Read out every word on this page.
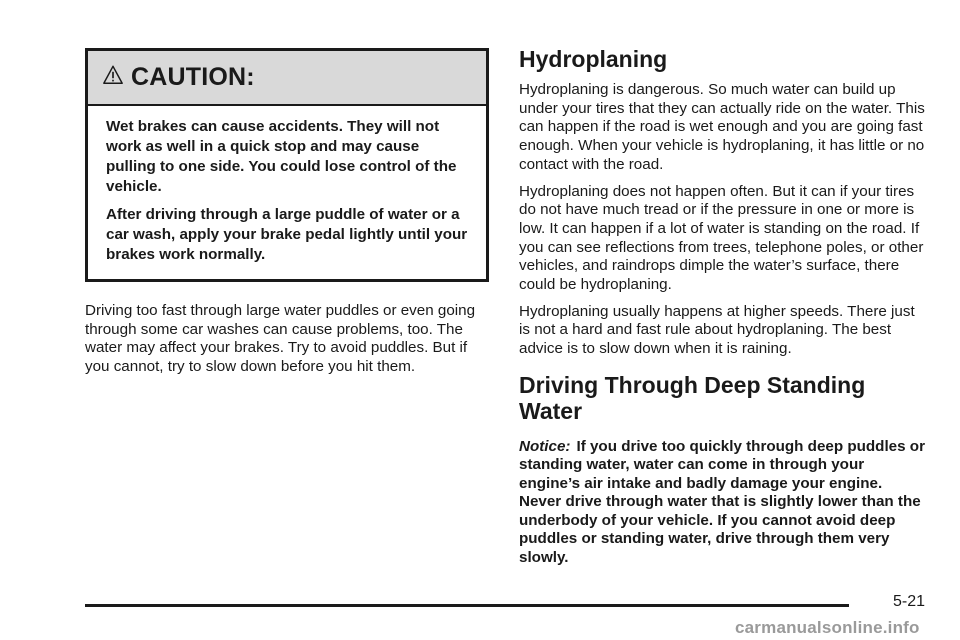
CAUTION:

Wet brakes can cause accidents. They will not work as well in a quick stop and may cause pulling to one side. You could lose control of the vehicle.

After driving through a large puddle of water or a car wash, apply your brake pedal lightly until your brakes work normally.

Driving too fast through large water puddles or even going through some car washes can cause problems, too. The water may affect your brakes. Try to avoid puddles. But if you cannot, try to slow down before you hit them.

Hydroplaning

Hydroplaning is dangerous. So much water can build up under your tires that they can actually ride on the water. This can happen if the road is wet enough and you are going fast enough. When your vehicle is hydroplaning, it has little or no contact with the road.

Hydroplaning does not happen often. But it can if your tires do not have much tread or if the pressure in one or more is low. It can happen if a lot of water is standing on the road. If you can see reflections from trees, telephone poles, or other vehicles, and raindrops dimple the water’s surface, there could be hydroplaning.

Hydroplaning usually happens at higher speeds. There just is not a hard and fast rule about hydroplaning. The best advice is to slow down when it is raining.

Driving Through Deep Standing Water

Notice: If you drive too quickly through deep puddles or standing water, water can come in through your engine’s air intake and badly damage your engine. Never drive through water that is slightly lower than the underbody of your vehicle. If you cannot avoid deep puddles or standing water, drive through them very slowly.

5-21
carmanualsonline.info
